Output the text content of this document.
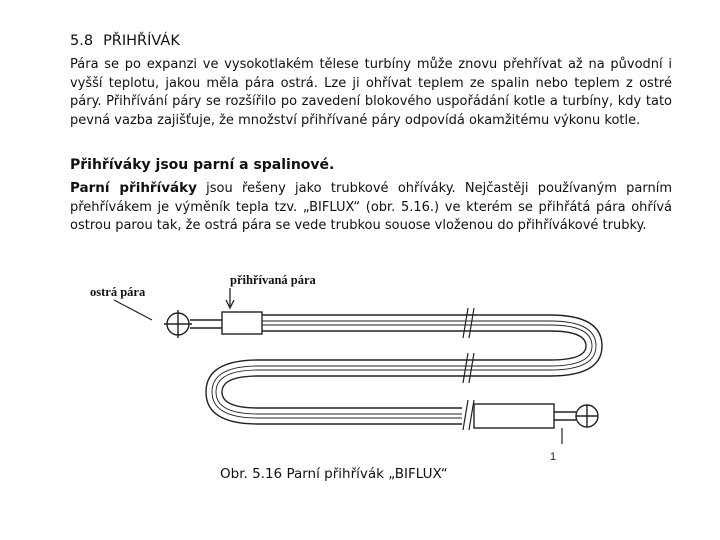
5.8 PŘIHŘÍVÁK

Pára se po expanzi ve vysokotlakém tělese turbíny může znovu přehřívat až na původní i vyšší teplotu, jakou měla pára ostrá. Lze ji ohřívat teplem ze spalin nebo teplem z ostré páry. Přihřívání páry se rozšířilo po zavedení blokového uspořádání kotle a turbíny, kdy tato pevná vazba zajišťuje, že množství přihřívané páry odpovídá okamžitému výkonu kotle.

Přihříváky jsou parní a spalinové.

Parní přihříváky jsou řešeny jako trubkové ohříváky. Nejčastěji používaným parním přehřívákem je výměník tepla tzv. „BIFLUX“ (obr. 5.16.) ve kterém se přihřátá pára ohřívá ostrou parou tak, že ostrá pára se vede trubkou souose vloženou do přihřívákové trubky.

ostrá pára
přihřívaná pára
1
Obr. 5.16 Parní přihřívák „BIFLUX“
